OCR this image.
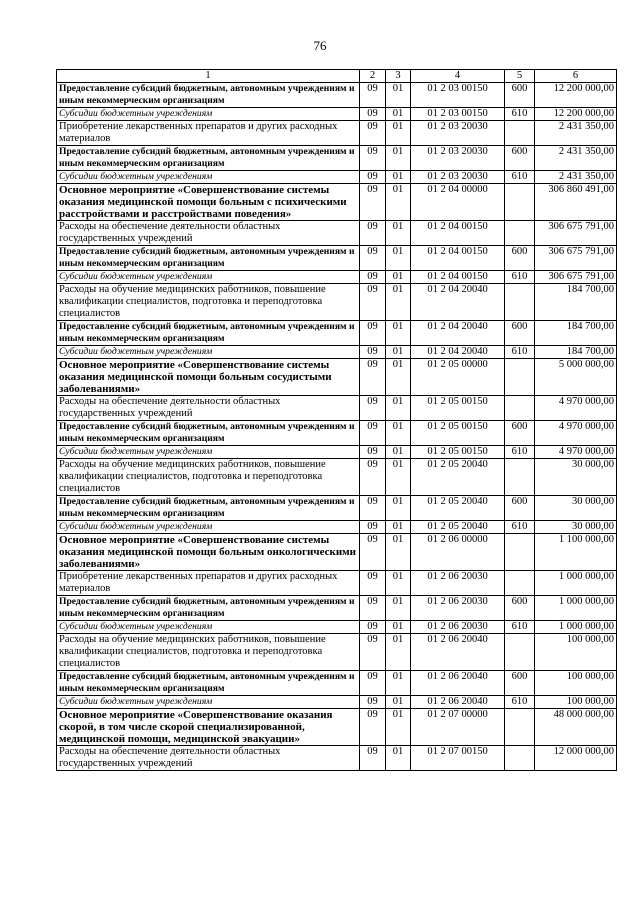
76
1	2	3	4	5	6
Предоставление субсидий бюджетным, автономным учреждениям и иным некоммерческим организациям	09	01	01 2 03 00150	600	12 200 000,00
Субсидии бюджетным учреждениям	09	01	01 2 03 00150	610	12 200 000,00
Приобретение лекарственных препаратов и других расходных материалов	09	01	01 2 03 20030		2 431 350,00
Предоставление субсидий бюджетным, автономным учреждениям и иным некоммерческим организациям	09	01	01 2 03 20030	600	2 431 350,00
Субсидии бюджетным учреждениям	09	01	01 2 03 20030	610	2 431 350,00
Основное мероприятие «Совершенствование системы оказания медицинской помощи больным с психическими расстройствами и расстройствами поведения»	09	01	01 2 04 00000		306 860 491,00
Расходы на обеспечение деятельности областных государственных учреждений	09	01	01 2 04 00150		306 675 791,00
Предоставление субсидий бюджетным, автономным учреждениям и иным некоммерческим организациям	09	01	01 2 04 00150	600	306 675 791,00
Субсидии бюджетным учреждениям	09	01	01 2 04 00150	610	306 675 791,00
Расходы на обучение медицинских работников, повышение квалификации специалистов, подготовка и переподготовка специалистов	09	01	01 2 04 20040		184 700,00
Предоставление субсидий бюджетным, автономным учреждениям и иным некоммерческим организациям	09	01	01 2 04 20040	600	184 700,00
Субсидии бюджетным учреждениям	09	01	01 2 04 20040	610	184 700,00
Основное мероприятие «Совершенствование системы оказания медицинской помощи больным сосудистыми заболеваниями»	09	01	01 2 05 00000		5 000 000,00
Расходы на обеспечение деятельности областных государственных учреждений	09	01	01 2 05 00150		4 970 000,00
Предоставление субсидий бюджетным, автономным учреждениям и иным некоммерческим организациям	09	01	01 2 05 00150	600	4 970 000,00
Субсидии бюджетным учреждениям	09	01	01 2 05 00150	610	4 970 000,00
Расходы на обучение медицинских работников, повышение квалификации специалистов, подготовка и переподготовка специалистов	09	01	01 2 05 20040		30 000,00
Предоставление субсидий бюджетным, автономным учреждениям и иным некоммерческим организациям	09	01	01 2 05 20040	600	30 000,00
Субсидии бюджетным учреждениям	09	01	01 2 05 20040	610	30 000,00
Основное мероприятие «Совершенствование системы оказания медицинской помощи больным онкологическими заболеваниями»	09	01	01 2 06 00000		1 100 000,00
Приобретение лекарственных препаратов и других расходных материалов	09	01	01 2 06 20030		1 000 000,00
Предоставление субсидий бюджетным, автономным учреждениям и иным некоммерческим организациям	09	01	01 2 06 20030	600	1 000 000,00
Субсидии бюджетным учреждениям	09	01	01 2 06 20030	610	1 000 000,00
Расходы на обучение медицинских работников, повышение квалификации специалистов, подготовка и переподготовка специалистов	09	01	01 2 06 20040		100 000,00
Предоставление субсидий бюджетным, автономным учреждениям и иным некоммерческим организациям	09	01	01 2 06 20040	600	100 000,00
Субсидии бюджетным учреждениям	09	01	01 2 06 20040	610	100 000,00
Основное мероприятие «Совершенствование оказания скорой, в том числе скорой специализированной, медицинской помощи, медицинской эвакуации»	09	01	01 2 07 00000		48 000 000,00
Расходы на обеспечение деятельности областных государственных учреждений	09	01	01 2 07 00150		12 000 000,00
